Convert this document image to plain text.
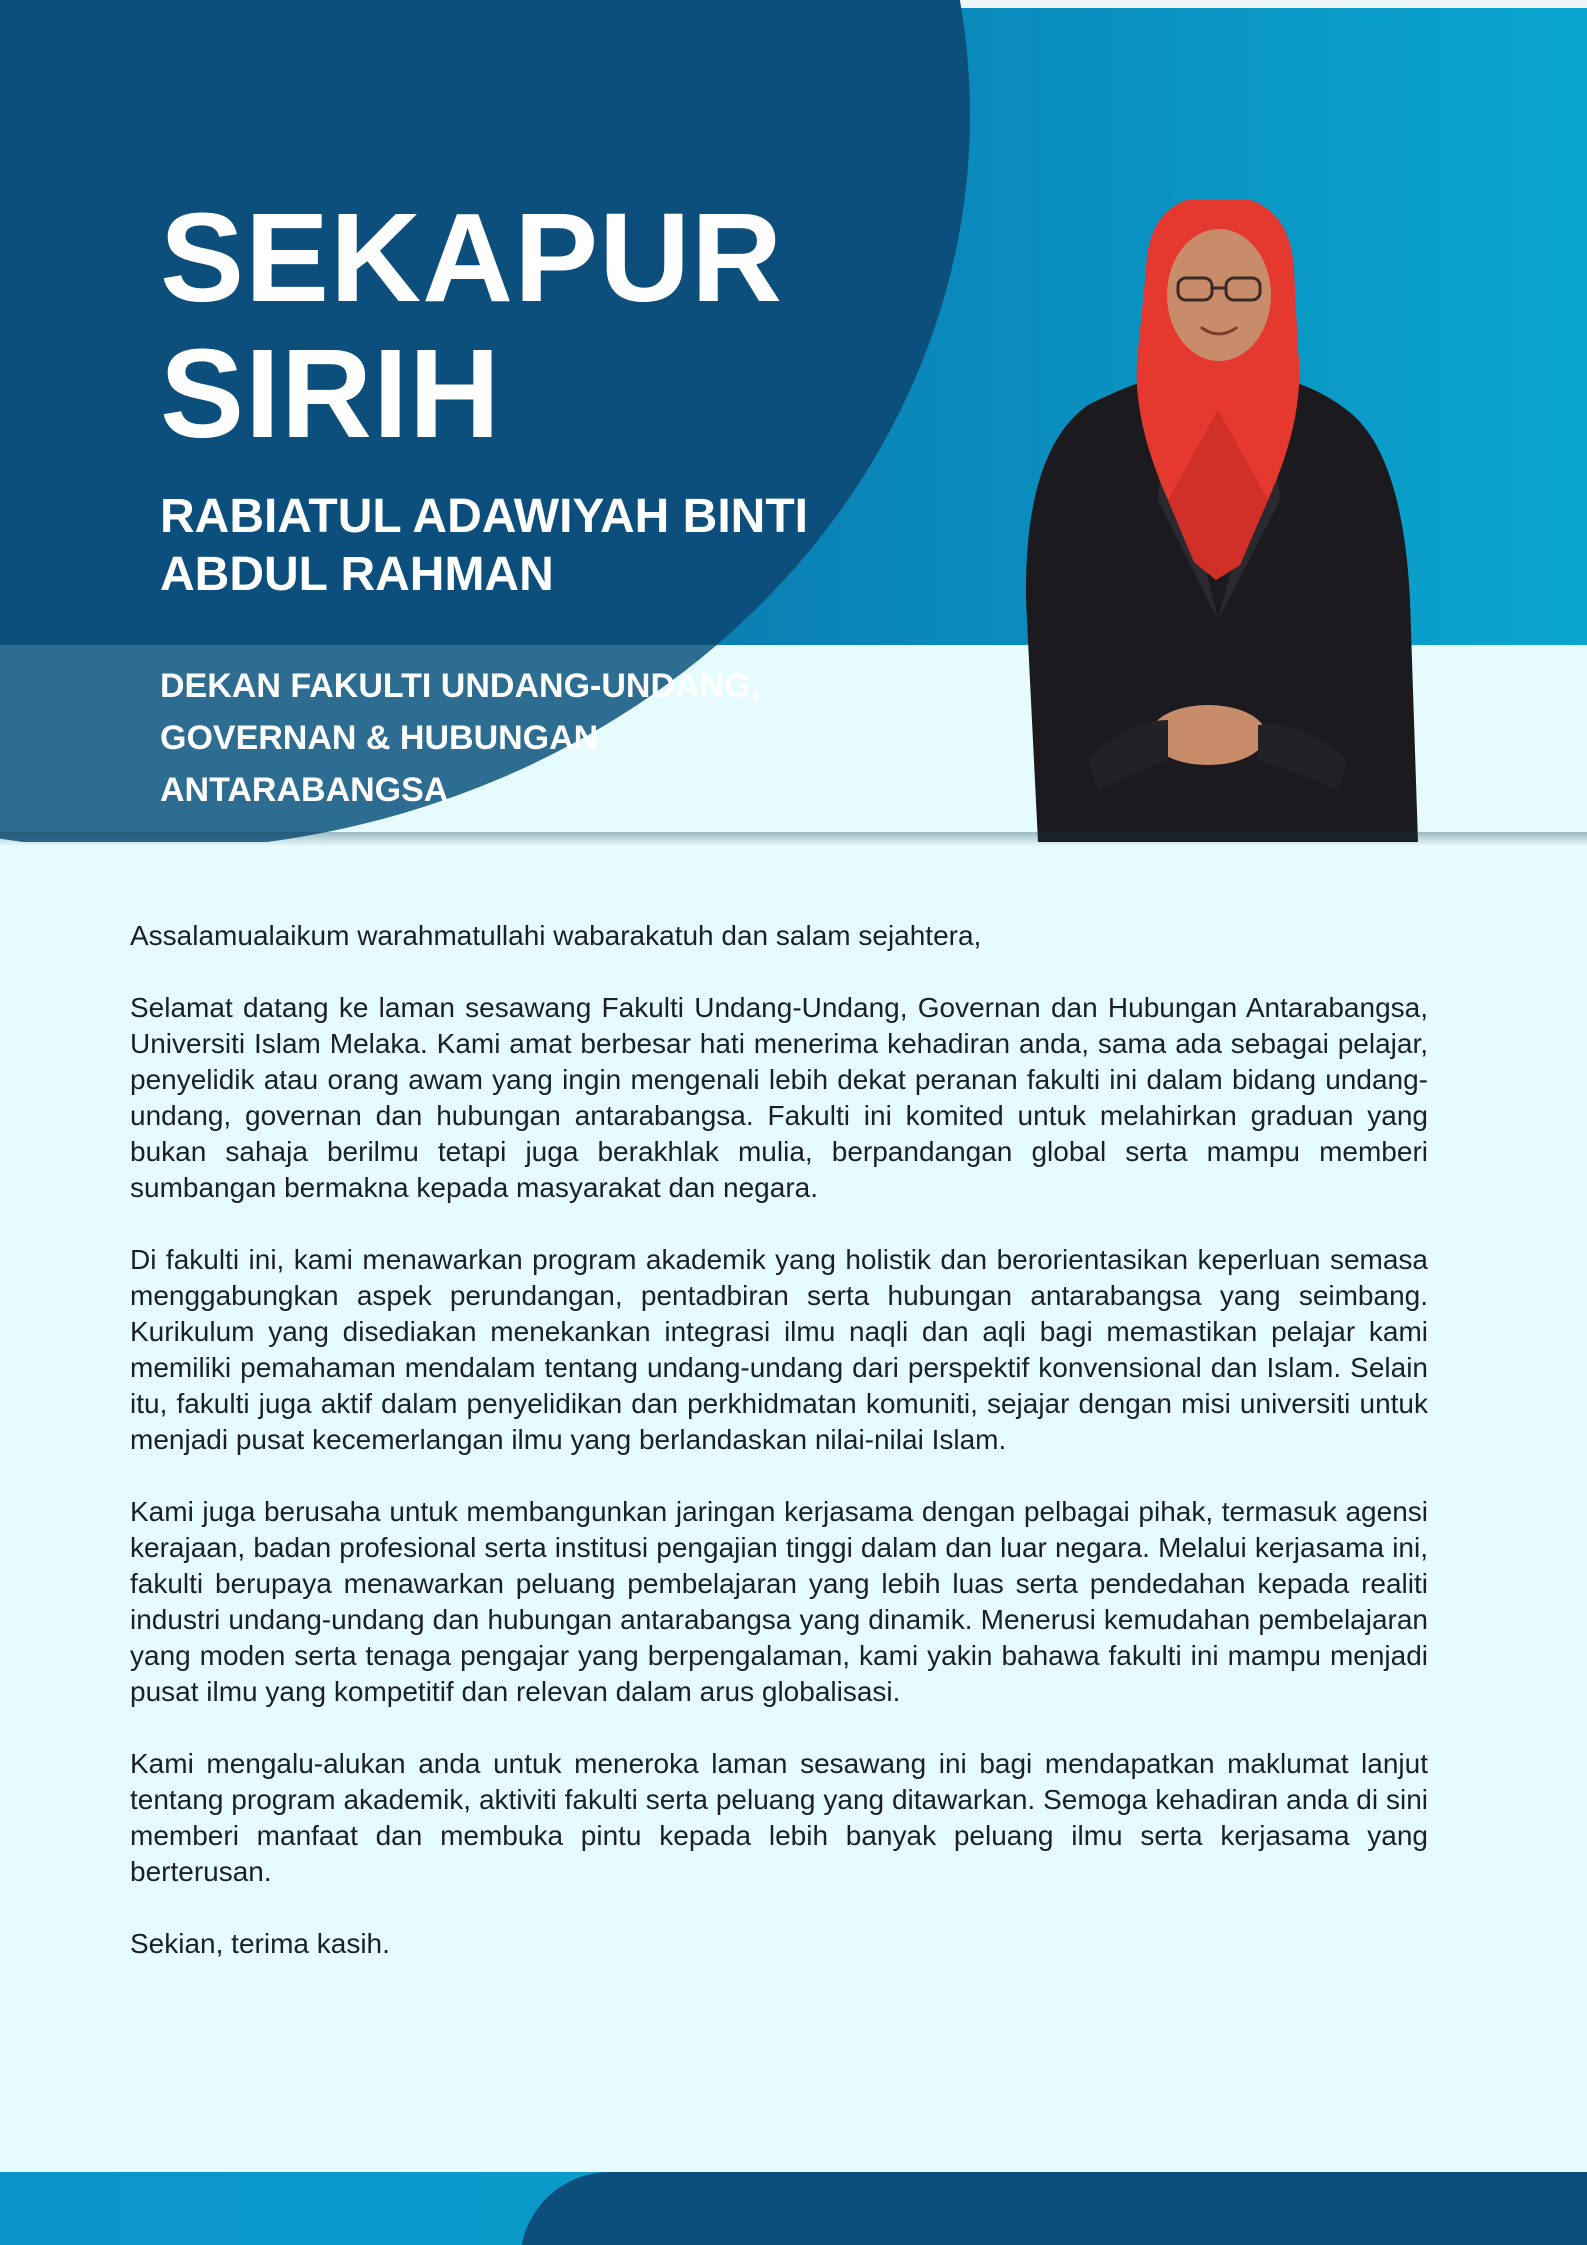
SEKAPUR
SIRIH
RABIATUL ADAWIYAH BINTI
ABDUL RAHMAN
DEKAN FAKULTI UNDANG-UNDANG,
GOVERNAN & HUBUNGAN
ANTARABANGSA

Assalamualaikum warahmatullahi wabarakatuh dan salam sejahtera,

Selamat datang ke laman sesawang Fakulti Undang-Undang, Governan dan Hubungan Antarabangsa, Universiti Islam Melaka. Kami amat berbesar hati menerima kehadiran anda, sama ada sebagai pelajar, penyelidik atau orang awam yang ingin mengenali lebih dekat peranan fakulti ini dalam bidang undang-undang, governan dan hubungan antarabangsa. Fakulti ini komited untuk melahirkan graduan yang bukan sahaja berilmu tetapi juga berakhlak mulia, berpandangan global serta mampu memberi sumbangan bermakna kepada masyarakat dan negara.

Di fakulti ini, kami menawarkan program akademik yang holistik dan berorientasikan keperluan semasa menggabungkan aspek perundangan, pentadbiran serta hubungan antarabangsa yang seimbang. Kurikulum yang disediakan menekankan integrasi ilmu naqli dan aqli bagi memastikan pelajar kami memiliki pemahaman mendalam tentang undang-undang dari perspektif konvensional dan Islam. Selain itu, fakulti juga aktif dalam penyelidikan dan perkhidmatan komuniti, sejajar dengan misi universiti untuk menjadi pusat kecemerlangan ilmu yang berlandaskan nilai-nilai Islam.

Kami juga berusaha untuk membangunkan jaringan kerjasama dengan pelbagai pihak, termasuk agensi kerajaan, badan profesional serta institusi pengajian tinggi dalam dan luar negara. Melalui kerjasama ini, fakulti berupaya menawarkan peluang pembelajaran yang lebih luas serta pendedahan kepada realiti industri undang-undang dan hubungan antarabangsa yang dinamik. Menerusi kemudahan pembelajaran yang moden serta tenaga pengajar yang berpengalaman, kami yakin bahawa fakulti ini mampu menjadi pusat ilmu yang kompetitif dan relevan dalam arus globalisasi.

Kami mengalu-alukan anda untuk meneroka laman sesawang ini bagi mendapatkan maklumat lanjut tentang program akademik, aktiviti fakulti serta peluang yang ditawarkan. Semoga kehadiran anda di sini memberi manfaat dan membuka pintu kepada lebih banyak peluang ilmu serta kerjasama yang berterusan.

Sekian, terima kasih.
